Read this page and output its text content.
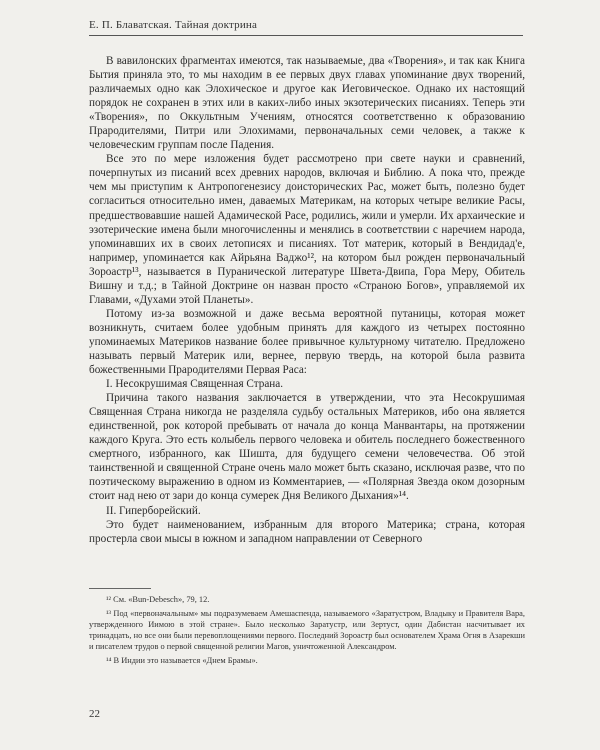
Е. П. Блаватская. Тайная доктрина

В вавилонских фрагментах имеются, так называемые, два «Творения», и так как Книга Бытия приняла это, то мы находим в ее первых двух главах упоминание двух творений, различаемых одно как Элохическое и другое как Иеговическое. Однако их настоящий порядок не сохранен в этих или в каких-либо иных экзотерических писаниях. Теперь эти «Творения», по Оккультным Учениям, относятся соответственно к образованию Прародителями, Питри или Элохимами, первоначальных семи человек, а также к человеческим группам после Падения.

Все это по мере изложения будет рассмотрено при свете науки и сравнений, почерпнутых из писаний всех древних народов, включая и Библию. А пока что, прежде чем мы приступим к Антропогенезису доисторических Рас, может быть, полезно будет согласиться относительно имен, даваемых Материкам, на которых четыре великие Расы, предшествовавшие нашей Адамической Расе, родились, жили и умерли. Их архаические и эзотерические имена были многочисленны и менялись в соответствии с наречием народа, упоминавших их в своих летописях и писаниях. Тот материк, который в Вендидад'е, например, упоминается как Айрьяна Ваджо¹², на котором был рожден первоначальный Зороастр¹³, называется в Пуранической литературе Швета-Двипа, Гора Меру, Обитель Вишну и т.д.; в Тайной Доктрине он назван просто «Страною Богов», управляемой их Главами, «Духами этой Планеты».

Потому из-за возможной и даже весьма вероятной путаницы, которая может возникнуть, считаем более удобным принять для каждого из четырех постоянно упоминаемых Материков название более привычное культурному читателю. Предложено называть первый Материк или, вернее, первую твердь, на которой была развита божественными Прародителями Первая Раса:

I. Несокрушимая Священная Страна.

Причина такого названия заключается в утверждении, что эта Несокрушимая Священная Страна никогда не разделяла судьбу остальных Материков, ибо она является единственной, рок которой пребывать от начала до конца Манвантары, на протяжении каждого Круга. Это есть колыбель первого человека и обитель последнего божественного смертного, избранного, как Шишта, для будущего семени человечества. Об этой таинственной и священной Стране очень мало может быть сказано, исключая разве, что по поэтическому выражению в одном из Комментариев, — «Полярная Звезда оком дозорным стоит над нею от зари до конца сумерек Дня Великого Дыхания»¹⁴.

II. Гиперборейский.

Это будет наименованием, избранным для второго Материка; страна, которая простерла свои мысы в южном и западном направлении от Северного

¹² См. «Bun-Debesch», 79, 12.

¹³ Под «первоначальным» мы подразумеваем Амешаспенда, называемого «Заратустром, Владыку и Правителя Вара, утвержденного Иимою в этой стране». Было несколько Заратустр, или Зертуст, один Дабистан насчитывает их тринадцать, но все они были перевоплощениями первого. Последний Зороастр был основателем Храма Огня в Азарекши и писателем трудов о первой священной религии Магов, уничтоженной Александром.

¹⁴ В Индии это называется «Днем Брамы».

22
